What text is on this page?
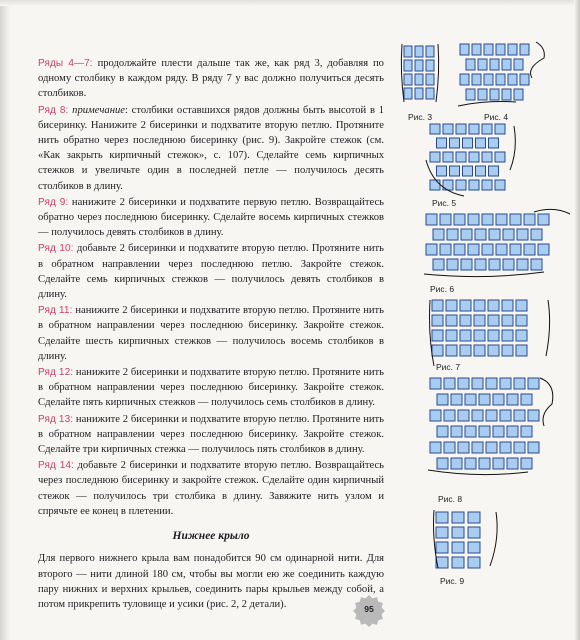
Ряды 4—7: продолжайте плести дальше так же, как ряд 3, добавляя по одному столбику в каждом ряду. В ряду 7 у вас должно получиться десять столбиков.

Ряд 8: примечание: столбики оставшихся рядов должны быть высотой в 1 бисеринку. Нанижите 2 бисеринки и подхватите вторую петлю. Протяните нить обратно через последнюю бисеринку (рис. 9). Закройте стежок (см. «Как закрыть кирпичный стежок», с. 107). Сделайте семь кирпичных стежков и увеличьте один в последней петле — получилось десять столбиков в длину.

Ряд 9: нанижите 2 бисеринки и подхватите первую петлю. Возвращайтесь обратно через последнюю бисеринку. Сделайте восемь кирпичных стежков — получилось девять столбиков в длину.

Ряд 10: добавьте 2 бисеринки и подхватите вторую петлю. Протяните нить в обратном направлении через последнюю петлю. Закройте стежок. Сделайте семь кирпичных стежков — получилось девять столбиков в длину.

Ряд 11: нанижите 2 бисеринки и подхватите вторую петлю. Протяните нить в обратном направлении через последнюю бисеринку. Закройте стежок. Сделайте шесть кирпичных стежков — получилось восемь столбиков в длину.

Ряд 12: нанижите 2 бисеринки и подхватите вторую петлю. Протяните нить в обратном направлении через последнюю бисеринку. Закройте стежок. Сделайте пять кирпичных стежков — получилось семь столбиков в длину.

Ряд 13: нанижите 2 бисеринки и подхватите вторую петлю. Протяните нить в обратном направлении через последнюю бисеринку. Закройте стежок. Сделайте три кирпичных стежка — получилось пять столбиков в длину.

Ряд 14: добавьте 2 бисеринки и подхватите вторую петлю. Возвращайтесь через последнюю бисеринку и закройте стежок. Сделайте один кирпичный стежок — получилось три столбика в длину. Завяжите нить узлом и спрячьте ее конец в плетении.

Нижнее крыло

Для первого нижнего крыла вам понадобится 90 см одинарной нити. Для второго — нити длиной 180 см, чтобы вы могли ею же соединить каждую пару нижних и верхних крыльев, соединить пары крыльев между собой, а потом прикрепить туловище и усики (рис. 2, 2 детали).

Рис. 3	Рис. 4
Рис. 5
Рис. 6
Рис. 7
Рис. 8
Рис. 9
95
